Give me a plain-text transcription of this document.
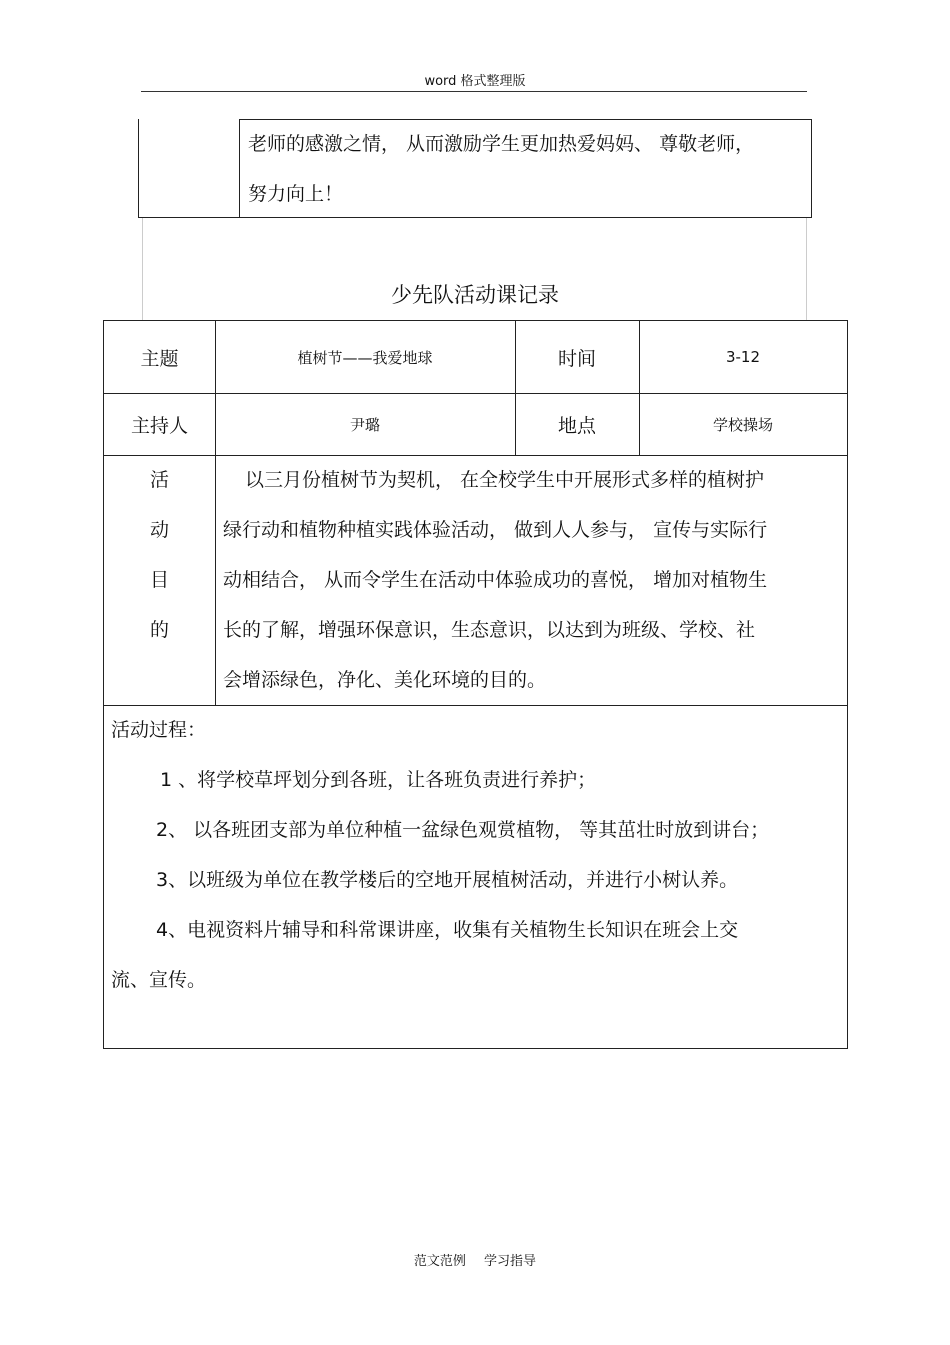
word 格式整理版

老师的感激之情， 从而激励学生更加热爱妈妈、 尊敬老师，

努力向上！

少先队活动课记录
主题	植树节——我爱地球	时间	3-12
主持人	尹璐	地点	学校操场
活
动
目
的

以三月份植树节为契机， 在全校学生中开展形式多样的植树护

绿行动和植物种植实践体验活动， 做到人人参与， 宣传与实际行

动相结合， 从而令学生在活动中体验成功的喜悦， 增加对植物生

长的了解，增强环保意识，生态意识，以达到为班级、学校、社

会增添绿色，净化、美化环境的目的。

活动过程：

1 、将学校草坪划分到各班，让各班负责进行养护；

2、 以各班团支部为单位种植一盆绿色观赏植物， 等其茁壮时放到讲台；

3、以班级为单位在教学楼后的空地开展植树活动，并进行小树认养。

4、电视资料片辅导和科常课讲座，收集有关植物生长知识在班会上交

流、宣传。

范文范例 学习指导
